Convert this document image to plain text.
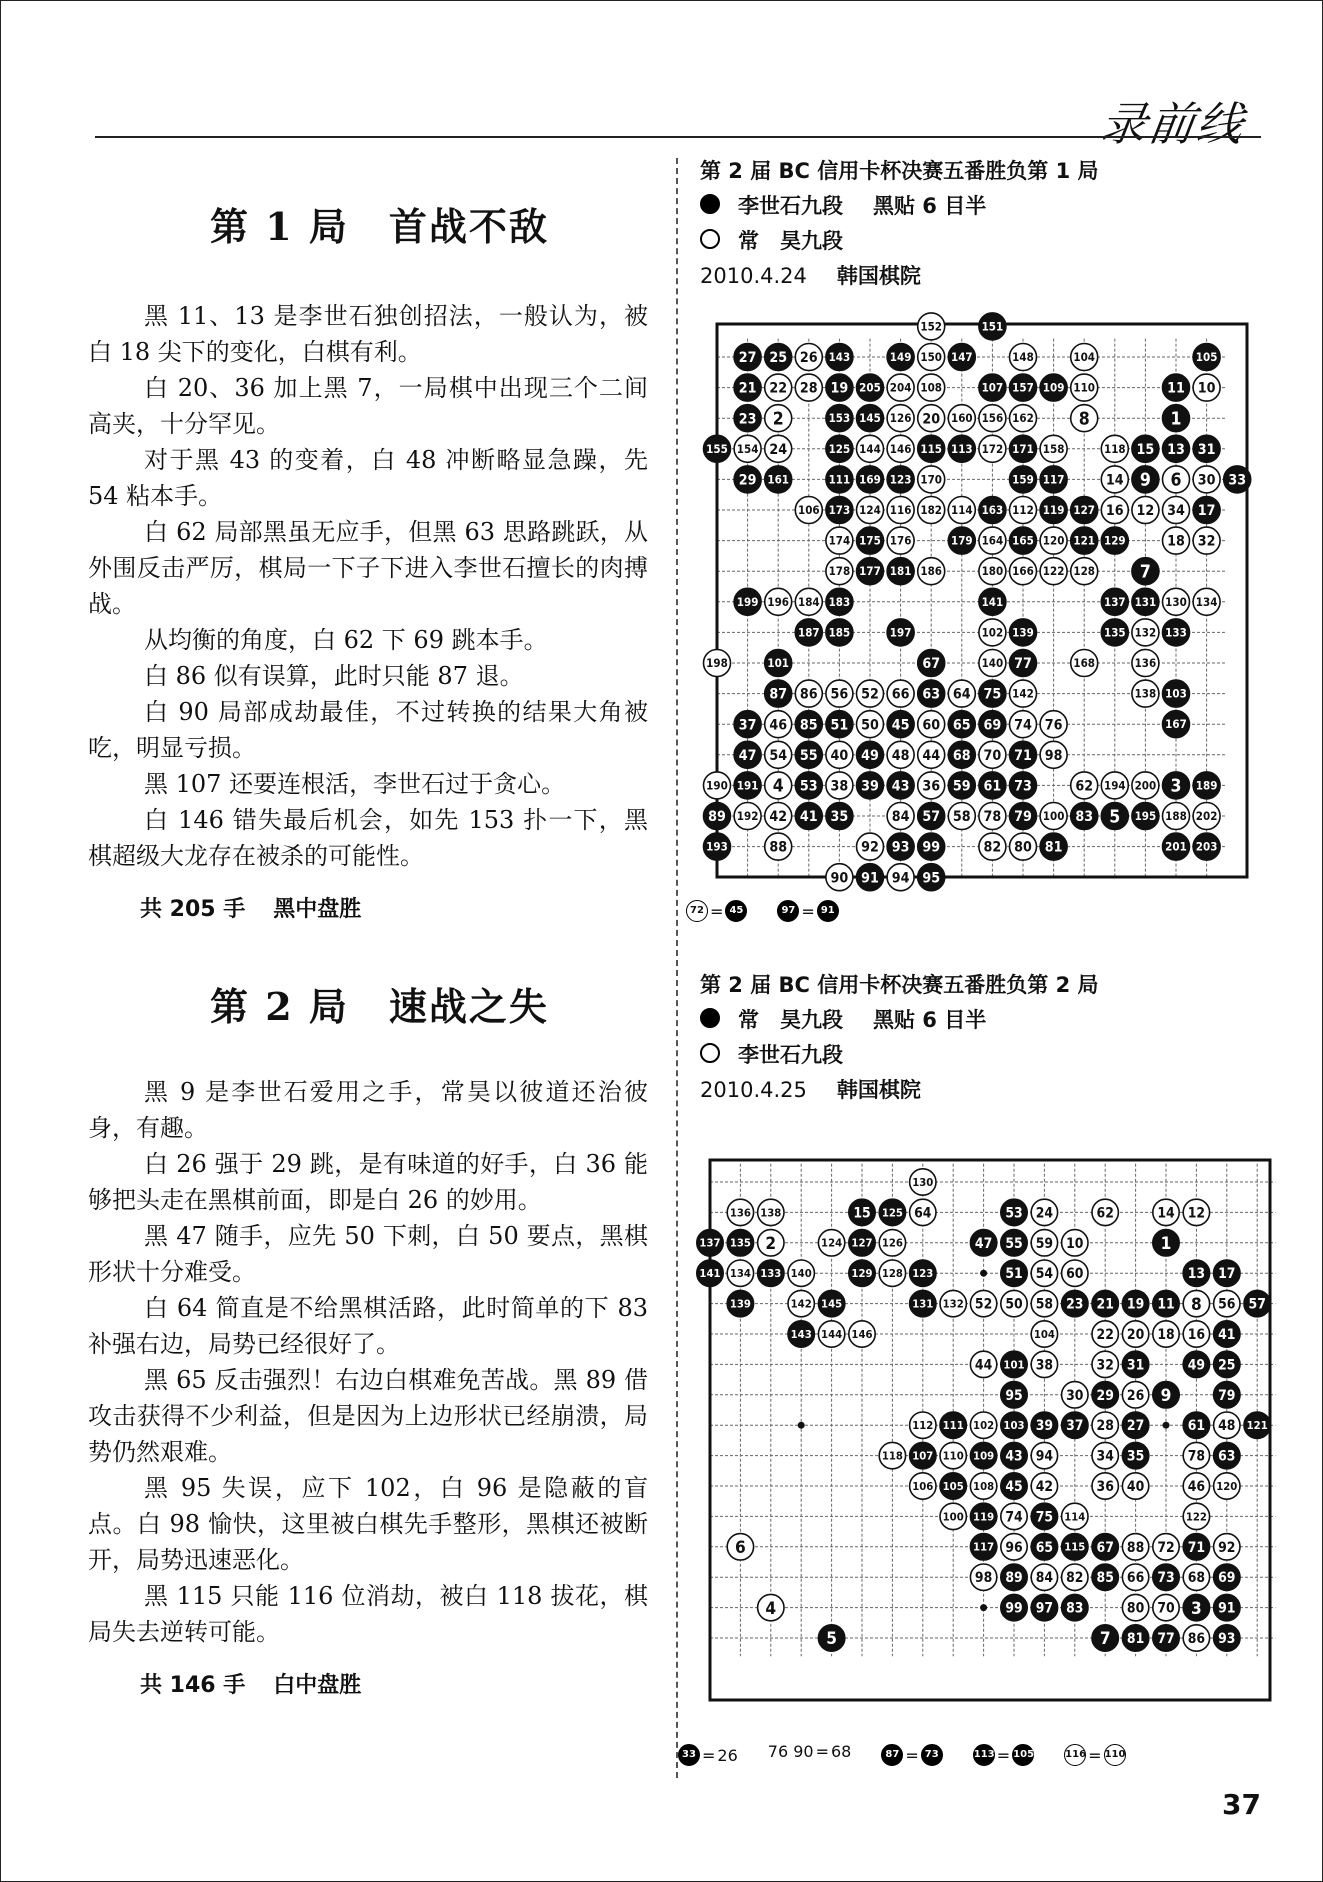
录前线
第 1 局 首战不敌

黑 11、13 是李世石独创招法，一般认为，被白 18 尖下的变化，白棋有利。

白 20、36 加上黑 7，一局棋中出现三个二间高夹，十分罕见。

对于黑 43 的变着，白 48 冲断略显急躁，先 54 粘本手。

白 62 局部黑虽无应手，但黑 63 思路跳跃，从外围反击严厉，棋局一下子下进入李世石擅长的肉搏战。

从均衡的角度，白 62 下 69 跳本手。

白 86 似有误算，此时只能 87 退。

白 90 局部成劫最佳，不过转换的结果大角被吃，明显亏损。

黑 107 还要连根活，李世石过于贪心。

白 146 错失最后机会，如先 153 扑一下，黑棋超级大龙存在被杀的可能性。

共 205 手 黑中盘胜
第 2 局 速战之失

黑 9 是李世石爱用之手，常昊以彼道还治彼身，有趣。

白 26 强于 29 跳，是有味道的好手，白 36 能够把头走在黑棋前面，即是白 26 的妙用。

黑 47 随手，应先 50 下刺，白 50 要点，黑棋形状十分难受。

白 64 简直是不给黑棋活路，此时简单的下 83 补强右边，局势已经很好了。

黑 65 反击强烈！右边白棋难免苦战。黑 89 借攻击获得不少利益，但是因为上边形状已经崩溃，局势仍然艰难。

黑 95 失误，应下 102，白 96 是隐蔽的盲点。白 98 愉快，这里被白棋先手整形，黑棋还被断开，局势迅速恶化。

黑 115 只能 116 位消劫，被白 118 拔花，棋局失去逆转可能。

共 146 手 白中盘胜
第 2 届 BC 信用卡杯决赛五番胜负第 1 局
李世石九段 黑贴 6 目半
常　昊九段
2010.4.24 韩国棋院
152	151
27 25 26 143	149 150 147	148	104	105
21 22 28 19 205 204 108	107 157 109 110	11 10
23 2	153 145 126 20 160 156 162	8	1
155 154 24	125 144 146 115 113 172 171 158	118 15 13 31
29 161	111 169 123 170	159 117	14 9 6 30 33
106 173 124 116 182 114 163 112 119 127 16 12 34 17
174 175 176	179 164 165 120 121 129	18 32
178 177 181 186	180 166 122 128	7
199 196 184 183	141	137 131 130 134
187 185	197	102 139	135 132 133
198	101	67	140 77	168	136
87 86 56 52 66 63 64 75 142	138 103
37 46 85 51 50 45 60 65 69 74 76	167
47 54 55 40 49 48 44 68 70 71 98
190 191 4 53 38 39 43 36 59 61 73	62 194 200 3 189
89 192 42 41 35	84 57 58 78 79 100 83 5 195 188 202
193	88	92 93 99	82 80 81	201 203
90 91 94 95
72 = 45	97 = 91
第 2 届 BC 信用卡杯决赛五番胜负第 2 局
常　昊九段 黑贴 6 目半
李世石九段
2010.4.25 韩国棋院
130
136 138	15 125 64	53 24	62	14 12
137 135 2	124 127 126	47 55 59 10	1
141 134 133 140	129 128 123	51 54 60	13 17
139	142 145	131 132 52 50 58 23 21 19 11 8 56 57
143 144 146	104	22 20 18 16 41
44 101 38	32 31	49 25
95	30 29 26 9	79
112 111 102 103 39 37 28 27	61 48 121
118 107 110 109 43 94	34 35	78 63
106 105 108 45 42	36 40	46 120
100 119 74 75 114	122
6	117 96 65 115 67 88 72 71 92
98 89 84 82 85 66 73 68 69
4	99 97 83	80 70 3 91
5	7 81 77 86 93
33 = 26 76 90 = 68	87 = 73	113 = 105	116 = 110
37
